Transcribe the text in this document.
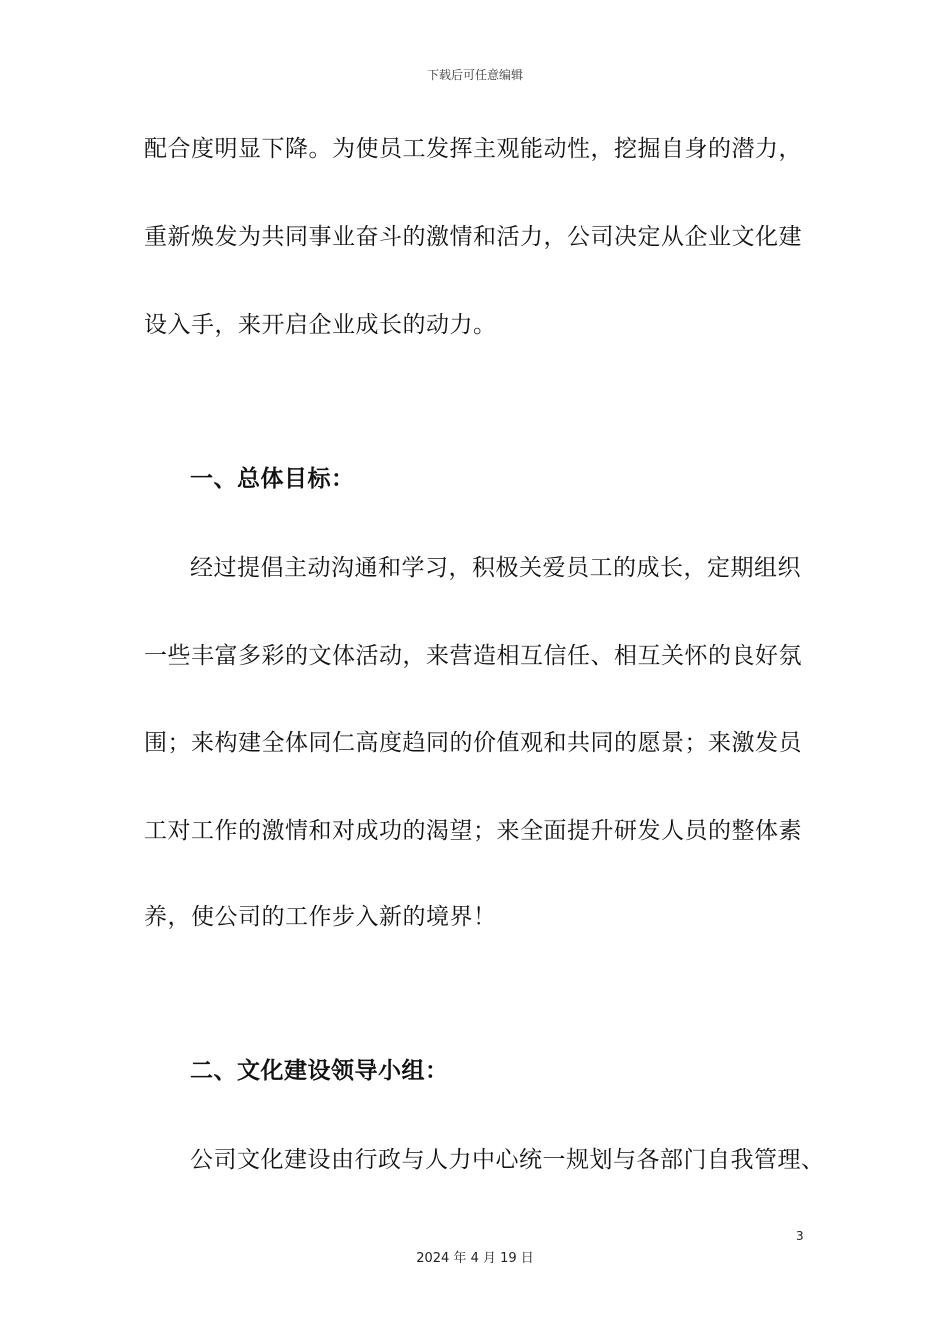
下载后可任意编辑
配合度明显下降。为使员工发挥主观能动性，挖掘自身的潜力，
重新焕发为共同事业奋斗的激情和活力，公司决定从企业文化建
设入手，来开启企业成长的动力。
一、总体目标：
经过提倡主动沟通和学习，积极关爱员工的成长，定期组织
一些丰富多彩的文体活动，来营造相互信任、相互关怀的良好氛
围；来构建全体同仁高度趋同的价值观和共同的愿景；来激发员
工对工作的激情和对成功的渴望；来全面提升研发人员的整体素
养，使公司的工作步入新的境界！
二、文化建设领导小组：
公司文化建设由行政与人力中心统一规划与各部门自我管理、
3
2024 年 4 月 19 日
